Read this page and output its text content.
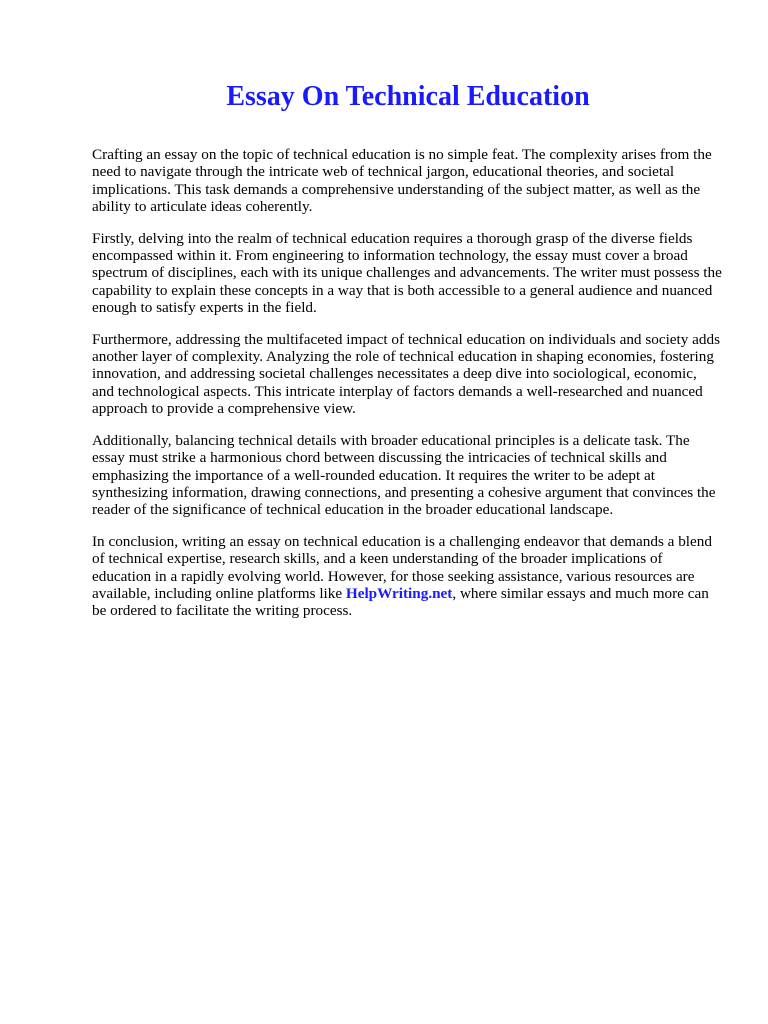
Essay On Technical Education

Crafting an essay on the topic of technical education is no simple feat. The complexity arises from the need to navigate through the intricate web of technical jargon, educational theories, and societal implications. This task demands a comprehensive understanding of the subject matter, as well as the ability to articulate ideas coherently.

Firstly, delving into the realm of technical education requires a thorough grasp of the diverse fields encompassed within it. From engineering to information technology, the essay must cover a broad spectrum of disciplines, each with its unique challenges and advancements. The writer must possess the capability to explain these concepts in a way that is both accessible to a general audience and nuanced enough to satisfy experts in the field.

Furthermore, addressing the multifaceted impact of technical education on individuals and society adds another layer of complexity. Analyzing the role of technical education in shaping economies, fostering innovation, and addressing societal challenges necessitates a deep dive into sociological, economic, and technological aspects. This intricate interplay of factors demands a well-researched and nuanced approach to provide a comprehensive view.

Additionally, balancing technical details with broader educational principles is a delicate task. The essay must strike a harmonious chord between discussing the intricacies of technical skills and emphasizing the importance of a well-rounded education. It requires the writer to be adept at synthesizing information, drawing connections, and presenting a cohesive argument that convinces the reader of the significance of technical education in the broader educational landscape.

In conclusion, writing an essay on technical education is a challenging endeavor that demands a blend of technical expertise, research skills, and a keen understanding of the broader implications of education in a rapidly evolving world. However, for those seeking assistance, various resources are available, including online platforms like HelpWriting.net, where similar essays and much more can be ordered to facilitate the writing process.
